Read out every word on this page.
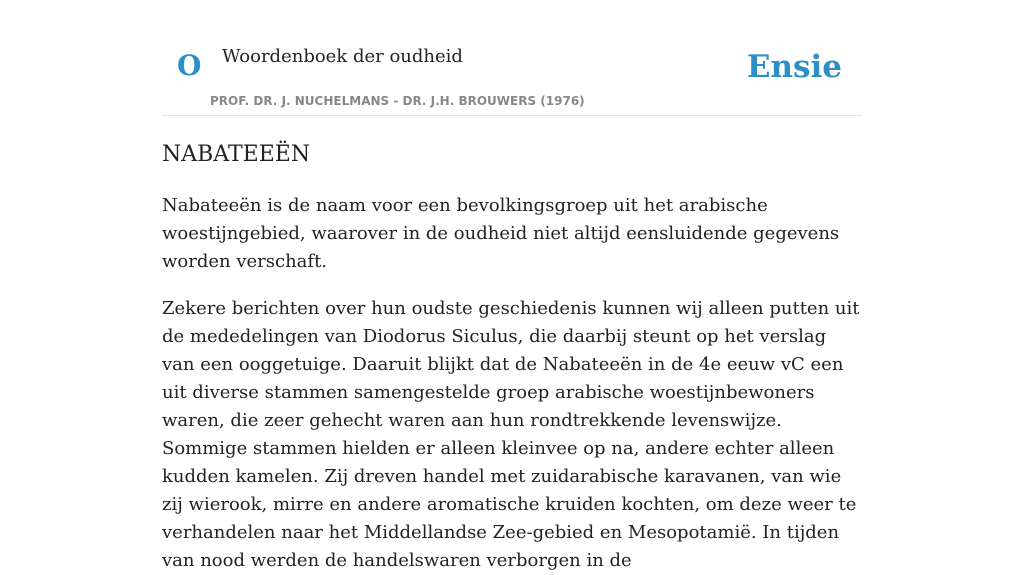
O Woordenboek der oudheid
PROF. DR. J. NUCHELMANS - DR. J.H. BROUWERS (1976)
Ensie
NABATEEËN

Nabateeën is de naam voor een bevolkingsgroep uit het arabische woestijngebied, waarover in de oudheid niet altijd eensluidende gegevens worden verschaft.

Zekere berichten over hun oudste geschiedenis kunnen wij alleen putten uit de mededelingen van Diodorus Siculus, die daarbij steunt op het verslag van een ooggetuige. Daaruit blijkt dat de Nabateeën in de 4e eeuw vC een uit diverse stammen samengestelde groep arabische woestijnbewoners waren, die zeer gehecht waren aan hun rondtrekkende levenswijze. Sommige stammen hielden er alleen kleinvee op na, andere echter alleen kudden kamelen. Zij dreven handel met zuidarabische karavanen, van wie zij wierook, mirre en andere aromatische kruiden kochten, om deze weer te verhandelen naar het Middellandse Zee-gebied en Mesopotamië. In tijden van nood werden de handelswaren verborgen in de
